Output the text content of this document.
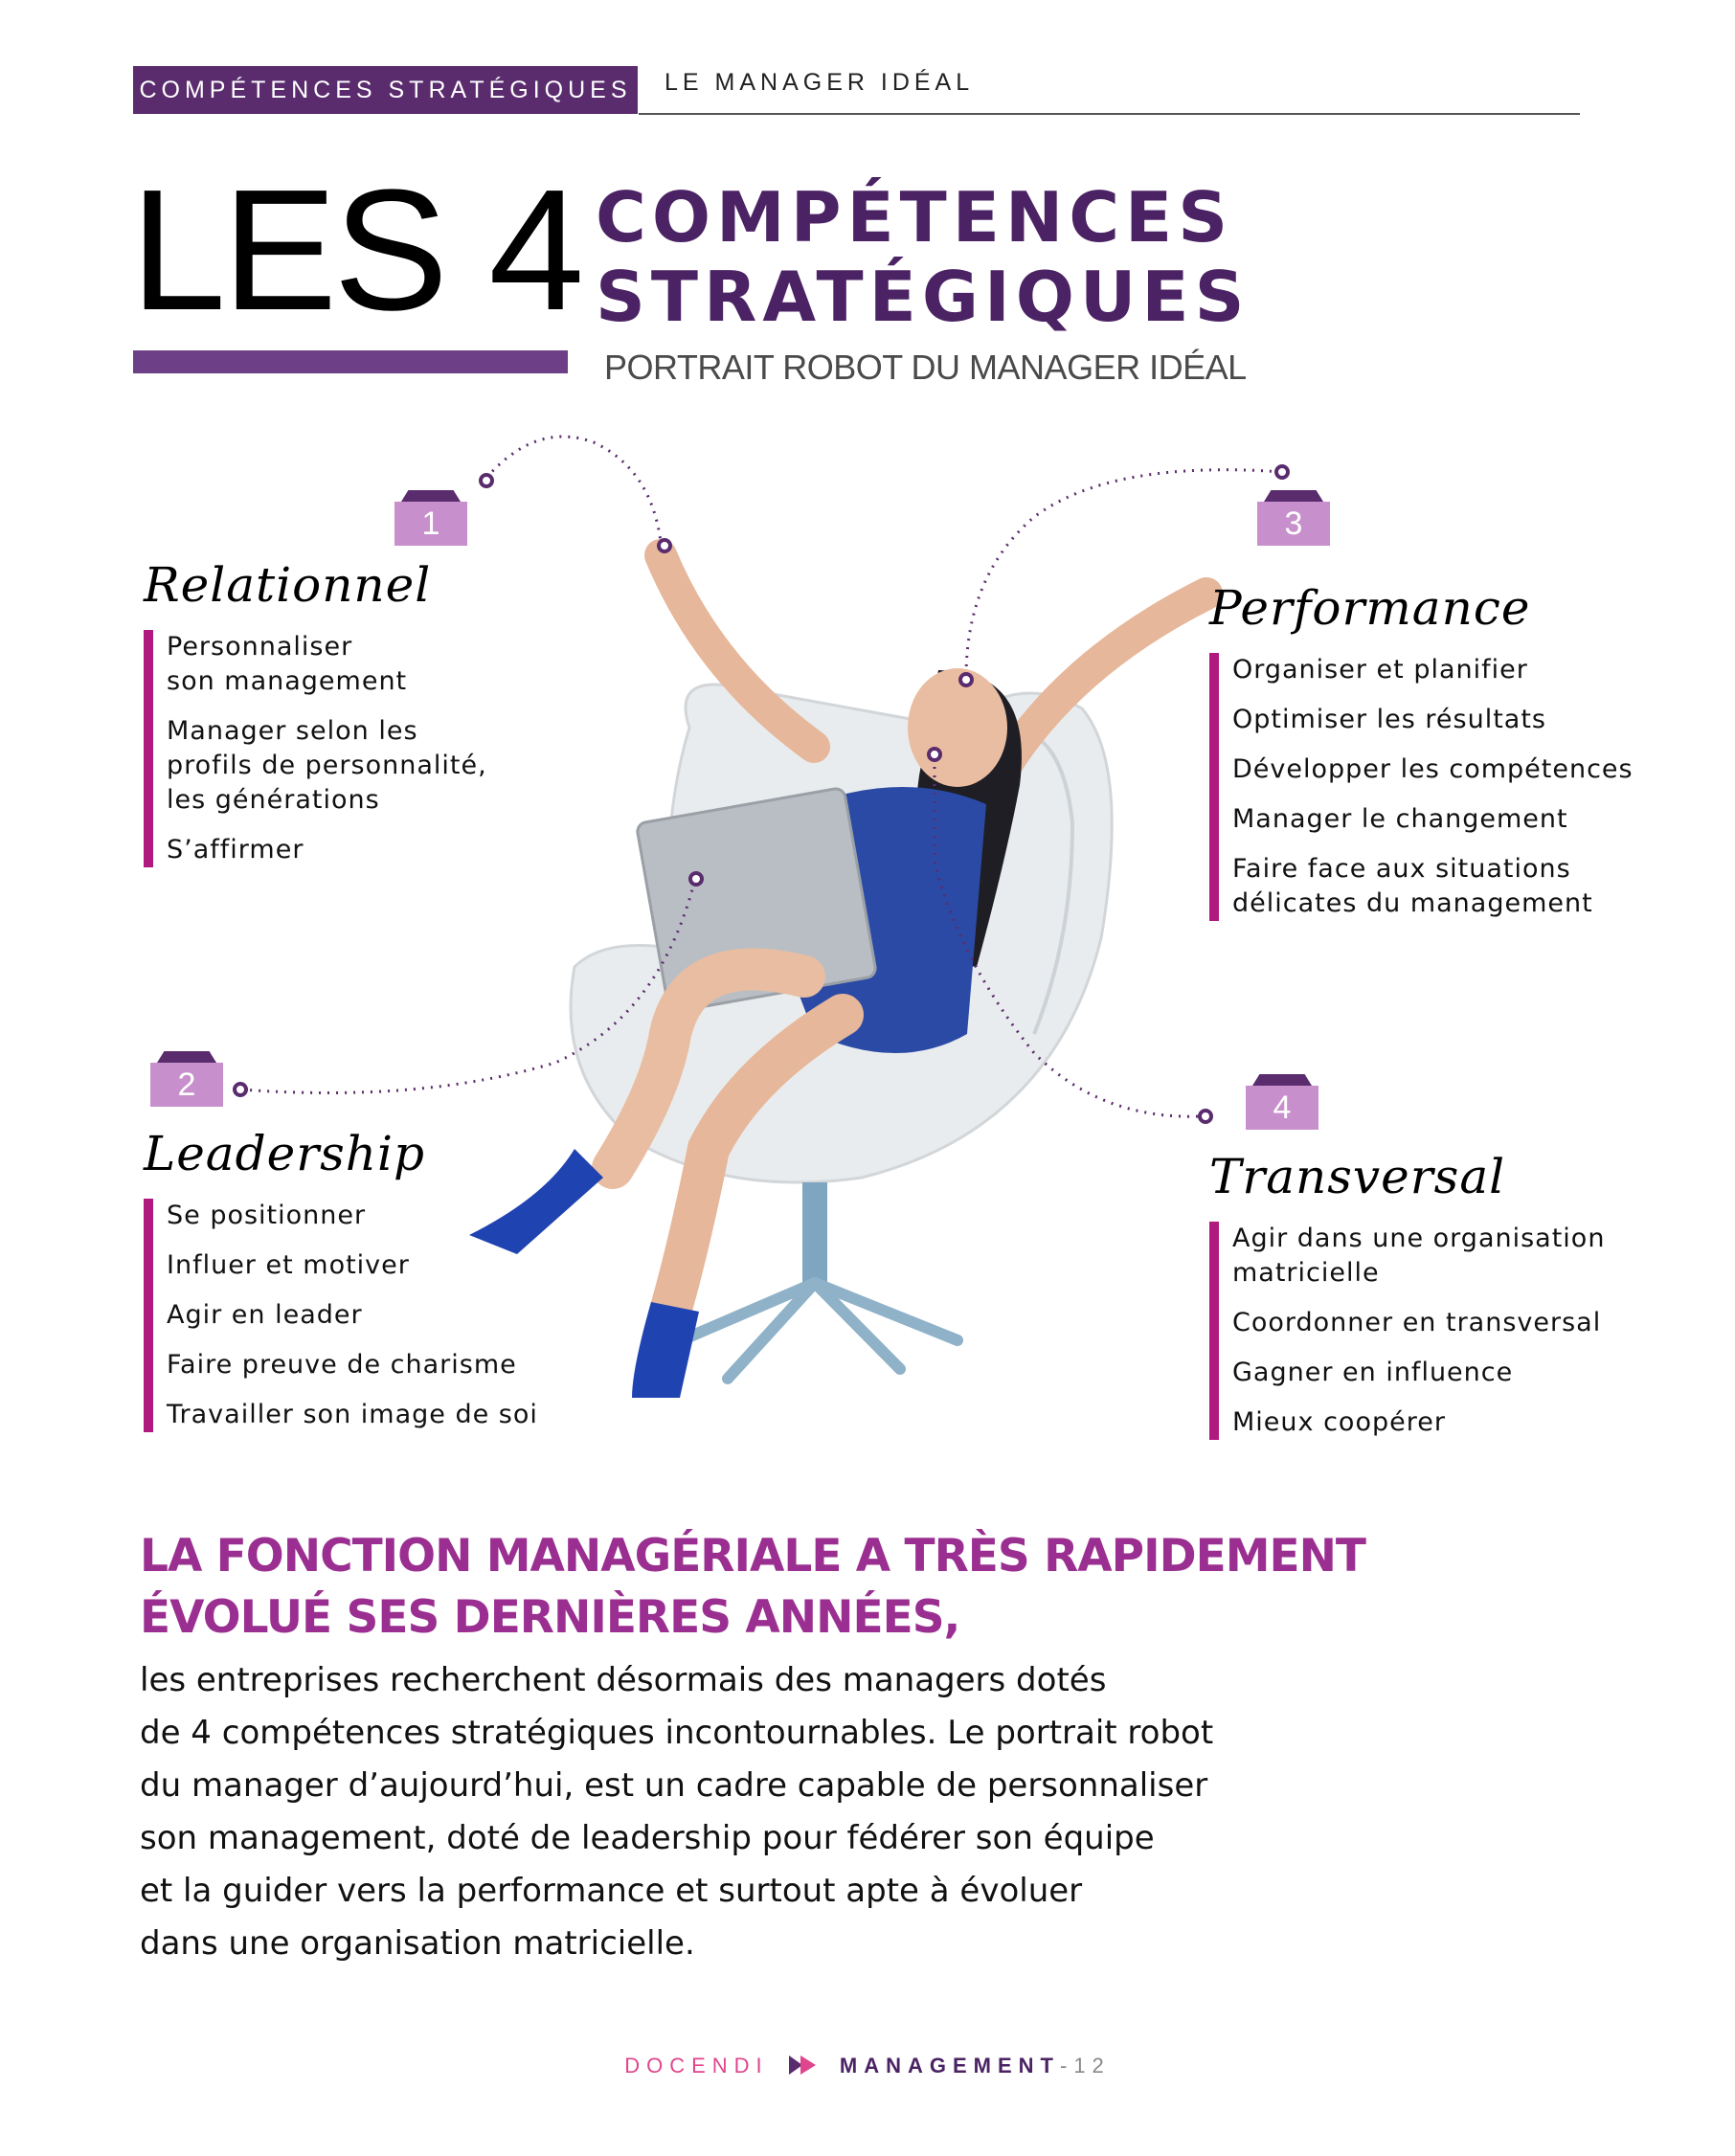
COMPÉTENCES STRATÉGIQUES LE MANAGER IDÉAL
LES 4 COMPÉTENCES
STRATÉGIQUES
PORTRAIT ROBOT DU MANAGER IDÉAL
1
2
3
4
Relationnel
Personnaliser
son management
Manager selon les
profils de personnalité,
les générations
S’affirmer
Leadership
Se positionner
Influer et motiver
Agir en leader
Faire preuve de charisme
Travailler son image de soi
Performance
Organiser et planifier
Optimiser les résultats
Développer les compétences
Manager le changement
Faire face aux situations
délicates du management
Transversal
Agir dans une organisation
matricielle
Coordonner en transversal
Gagner en influence
Mieux coopérer
LA FONCTION MANAGÉRIALE A TRÈS RAPIDEMENT ÉVOLUÉ SES DERNIÈRES ANNÉES,
les entreprises recherchent désormais des managers dotés
de 4 compétences stratégiques incontournables. Le portrait robot
du manager d’aujourd’hui, est un cadre capable de personnaliser
son management, doté de leadership pour fédérer son équipe
et la guider vers la performance et surtout apte à évoluer
dans une organisation matricielle.
DOCENDI	MANAGEMENT-12
